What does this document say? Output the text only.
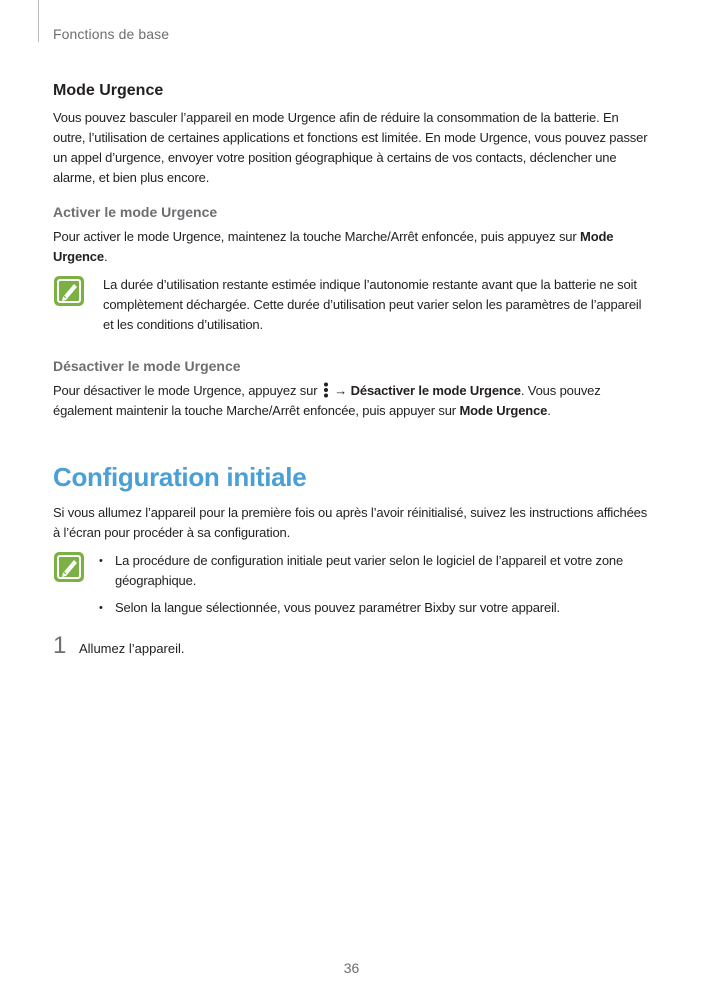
Fonctions de base
Mode Urgence

Vous pouvez basculer l’appareil en mode Urgence afin de réduire la consommation de la batterie. En outre, l’utilisation de certaines applications et fonctions est limitée. En mode Urgence, vous pouvez passer un appel d’urgence, envoyer votre position géographique à certains de vos contacts, déclencher une alarme, et bien plus encore.

Activer le mode Urgence

Pour activer le mode Urgence, maintenez la touche Marche/Arrêt enfoncée, puis appuyez sur Mode Urgence.

La durée d’utilisation restante estimée indique l’autonomie restante avant que la batterie ne soit complètement déchargée. Cette durée d’utilisation peut varier selon les paramètres de l’appareil et les conditions d’utilisation.
Désactiver le mode Urgence

Pour désactiver le mode Urgence, appuyez sur  → Désactiver le mode Urgence. Vous pouvez également maintenir la touche Marche/Arrêt enfoncée, puis appuyer sur Mode Urgence.

Configuration initiale

Si vous allumez l’appareil pour la première fois ou après l’avoir réinitialisé, suivez les instructions affichées à l’écran pour procéder à sa configuration.

• La procédure de configuration initiale peut varier selon le logiciel de l’appareil et votre zone géographique.
• Selon la langue sélectionnée, vous pouvez paramétrer Bixby sur votre appareil.
1 Allumez l’appareil.
36
